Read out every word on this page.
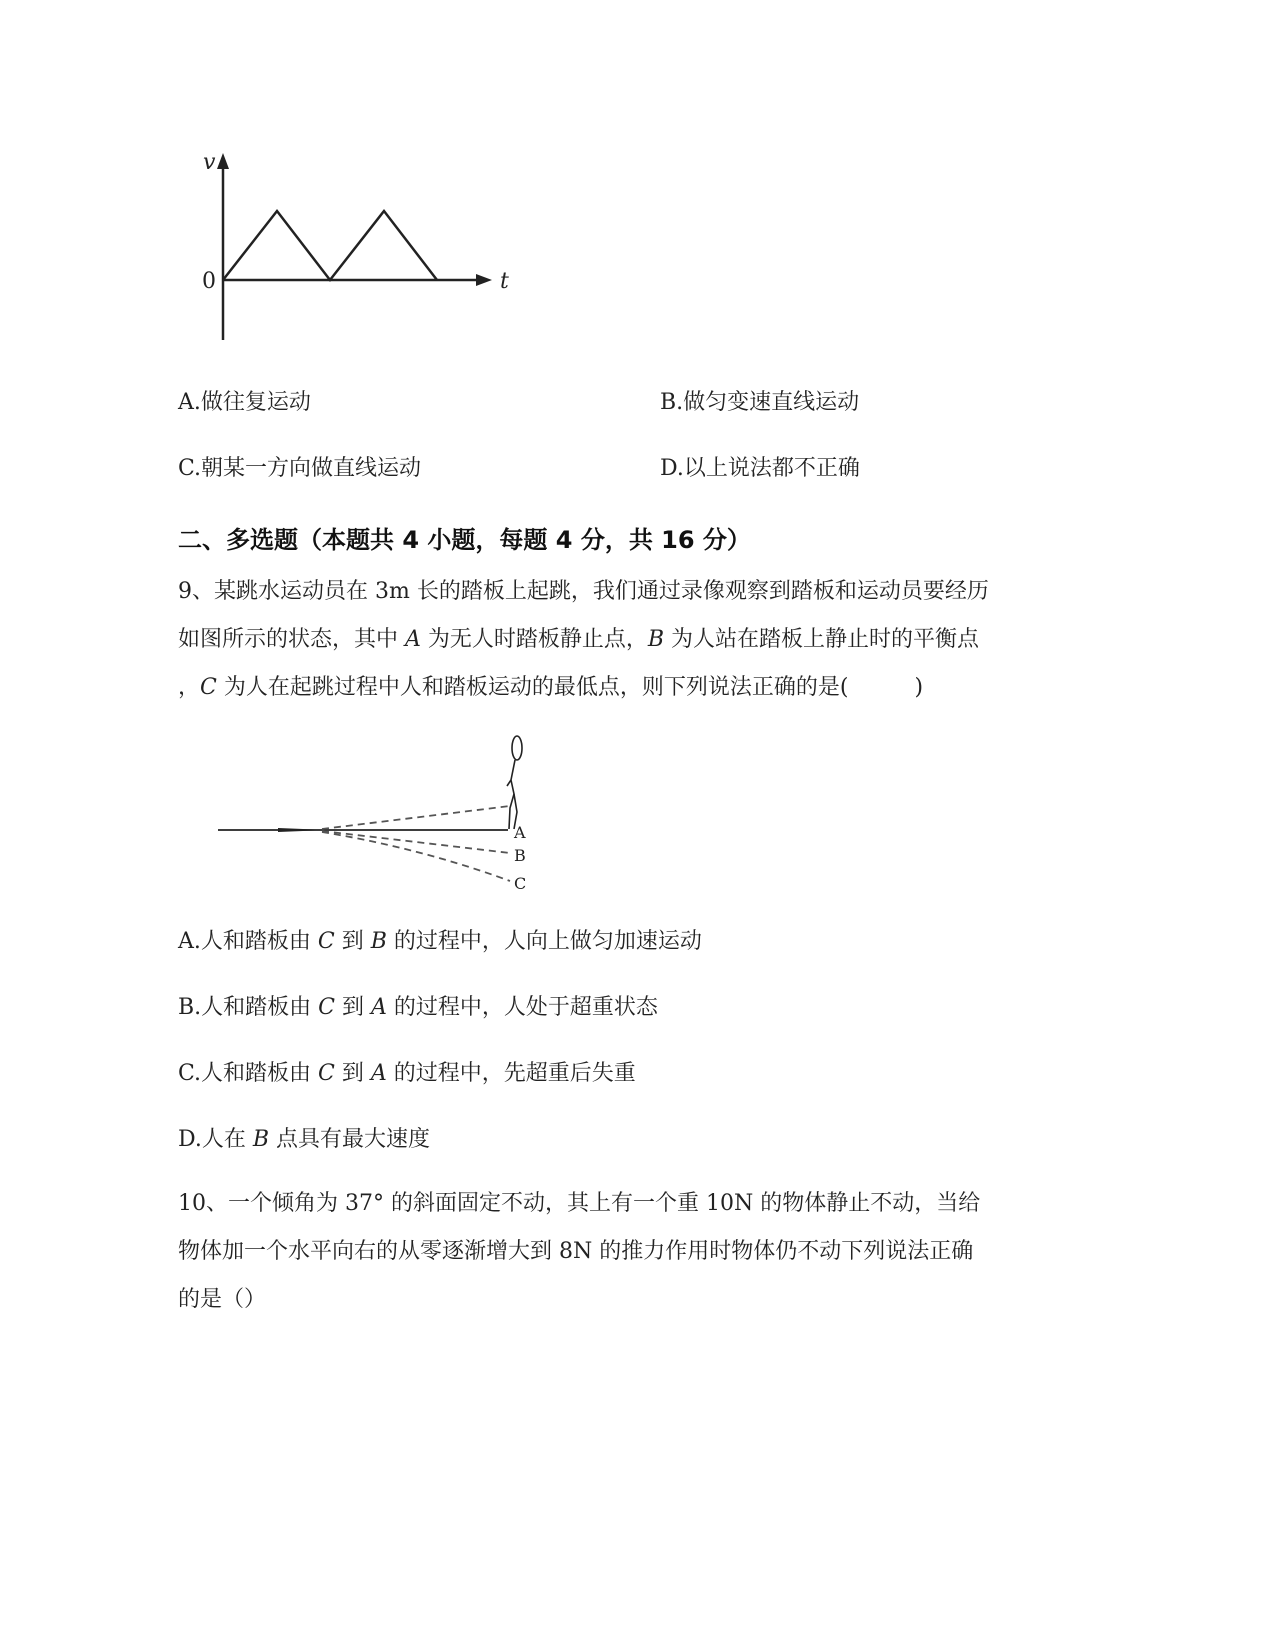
v
t
0
A.做往复运动	B.做匀变速直线运动
C.朝某一方向做直线运动	D.以上说法都不正确
二、多选题（本题共 4 小题，每题 4 分，共 16 分）
9、某跳水运动员在 3m 长的踏板上起跳，我们通过录像观察到踏板和运动员要经历
如图所示的状态，其中 A 为无人时踏板静止点，B 为人站在踏板上静止时的平衡点
，C 为人在起跳过程中人和踏板运动的最低点，则下列说法正确的是(　　　)
A
B
C
A.人和踏板由 C 到 B 的过程中，人向上做匀加速运动
B.人和踏板由 C 到 A 的过程中，人处于超重状态
C.人和踏板由 C 到 A 的过程中，先超重后失重
D.人在 B 点具有最大速度
10、一个倾角为 37° 的斜面固定不动，其上有一个重 10N 的物体静止不动，当给
物体加一个水平向右的从零逐渐增大到 8N 的推力作用时物体仍不动下列说法正确
的是（）
